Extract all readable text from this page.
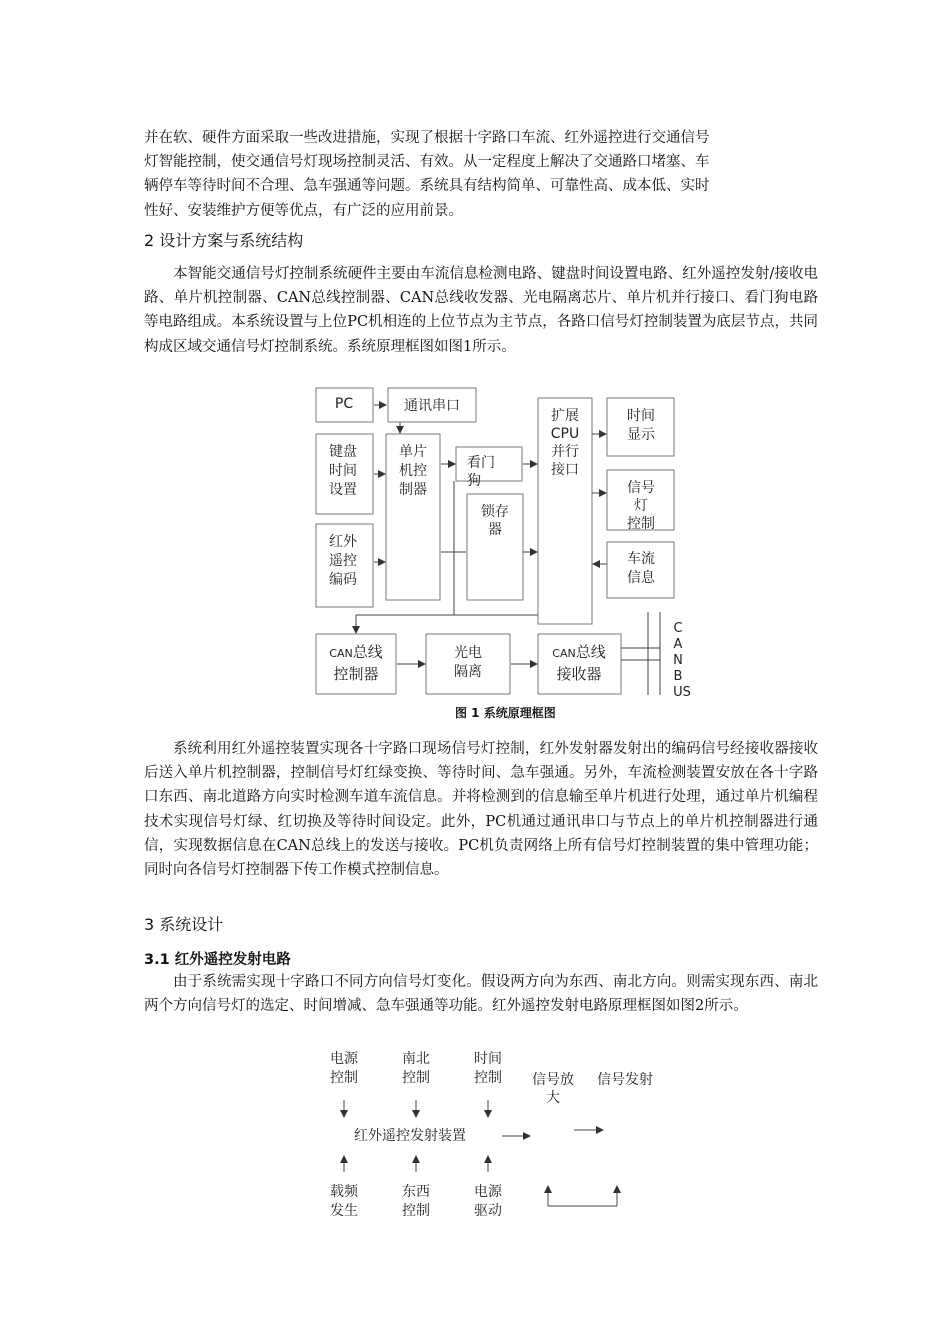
并在软、硬件方面采取一些改进措施，实现了根据十字路口车流、红外遥控进行交通信号

灯智能控制，使交通信号灯现场控制灵活、有效。从一定程度上解决了交通路口堵塞、车

辆停车等待时间不合理、急车强通等问题。系统具有结构简单、可靠性高、成本低、实时

性好、安装维护方便等优点，有广泛的应用前景。

2 设计方案与系统结构

本智能交通信号灯控制系统硬件主要由车流信息检测电路、键盘时间设置电路、红外遥控发射/接收电路、单片机控制器、CAN总线控制器、CAN总线收发器、光电隔离芯片、单片机并行接口、看门狗电路等电路组成。本系统设置与上位PC机相连的上位节点为主节点，各路口信号灯控制装置为底层节点，共同构成区域交通信号灯控制系统。系统原理框图如图1所示。

PC	通讯串口
键盘
时间
设置
单片
机控
制器
看门
狗
锁存
器
扩展
CPU
并行
接口
时间
显示
信号
灯
控制
车流
信息
红外
遥控
编码
CAN总线
控制器
光电
隔离
CAN总线
接收器
C
A
N
B
US
图 1 系统原理框图

系统利用红外遥控装置实现各十字路口现场信号灯控制，红外发射器发射出的编码信号经接收器接收后送入单片机控制器，控制信号灯红绿变换、等待时间、急车强通。另外，车流检测装置安放在各十字路口东西、南北道路方向实时检测车道车流信息。并将检测到的信息输至单片机进行处理，通过单片机编程技术实现信号灯绿、红切换及等待时间设定。此外，PC机通过通讯串口与节点上的单片机控制器进行通信，实现数据信息在CAN总线上的发送与接收。PC机负责网络上所有信号灯控制装置的集中管理功能；同时向各信号灯控制器下传工作模式控制信息。

3 系统设计
3.1 红外遥控发射电路

由于系统需实现十字路口不同方向信号灯变化。假设两方向为东西、南北方向。则需实现东西、南北两个方向信号灯的选定、时间增减、急车强通等功能。红外遥控发射电路原理框图如图2所示。

电源
控制
南北
控制
时间
控制 信号放
大
信号发射
红外遥控发射装置
载频
发生
东西
控制
电源
驱动
